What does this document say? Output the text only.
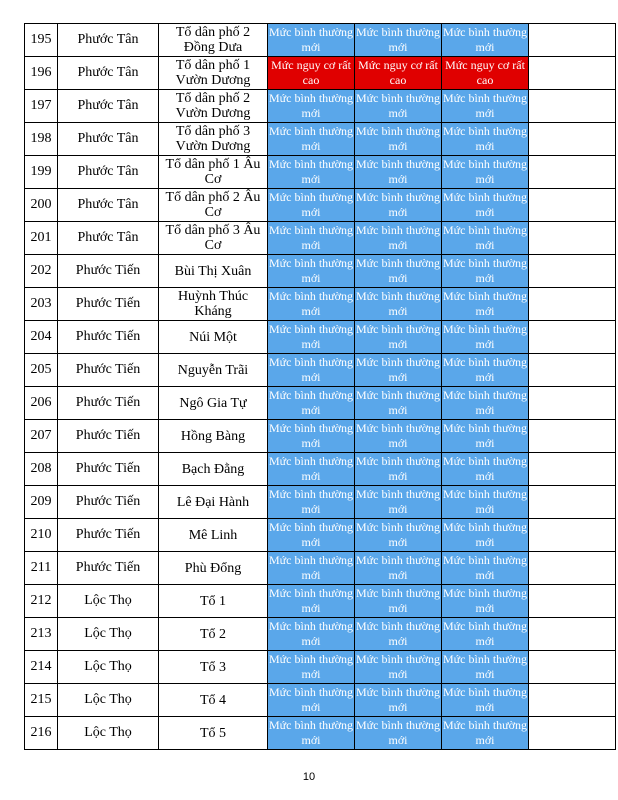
195	Phước Tân	Tổ dân phố 2 Đồng Dưa	Mức bình thường mới	Mức bình thường mới	Mức bình thường mới	
196	Phước Tân	Tổ dân phố 1 Vườn Dương	Mức nguy cơ rất cao	Mức nguy cơ rất cao	Mức nguy cơ rất cao	
197	Phước Tân	Tổ dân phố 2 Vườn Dương	Mức bình thường mới	Mức bình thường mới	Mức bình thường mới	
198	Phước Tân	Tổ dân phố 3 Vườn Dương	Mức bình thường mới	Mức bình thường mới	Mức bình thường mới	
199	Phước Tân	Tổ dân phố 1 Âu Cơ	Mức bình thường mới	Mức bình thường mới	Mức bình thường mới	
200	Phước Tân	Tổ dân phố 2 Âu Cơ	Mức bình thường mới	Mức bình thường mới	Mức bình thường mới	
201	Phước Tân	Tổ dân phố 3 Âu Cơ	Mức bình thường mới	Mức bình thường mới	Mức bình thường mới	
202	Phước Tiến	Bùi Thị Xuân	Mức bình thường mới	Mức bình thường mới	Mức bình thường mới	
203	Phước Tiến	Huỳnh Thúc Kháng	Mức bình thường mới	Mức bình thường mới	Mức bình thường mới	
204	Phước Tiến	Núi Một	Mức bình thường mới	Mức bình thường mới	Mức bình thường mới	
205	Phước Tiến	Nguyễn Trãi	Mức bình thường mới	Mức bình thường mới	Mức bình thường mới	
206	Phước Tiến	Ngô Gia Tự	Mức bình thường mới	Mức bình thường mới	Mức bình thường mới	
207	Phước Tiến	Hồng Bàng	Mức bình thường mới	Mức bình thường mới	Mức bình thường mới	
208	Phước Tiến	Bạch Đằng	Mức bình thường mới	Mức bình thường mới	Mức bình thường mới	
209	Phước Tiến	Lê Đại Hành	Mức bình thường mới	Mức bình thường mới	Mức bình thường mới	
210	Phước Tiến	Mê Linh	Mức bình thường mới	Mức bình thường mới	Mức bình thường mới	
211	Phước Tiến	Phù Đổng	Mức bình thường mới	Mức bình thường mới	Mức bình thường mới	
212	Lộc Thọ	Tổ 1	Mức bình thường mới	Mức bình thường mới	Mức bình thường mới	
213	Lộc Thọ	Tổ 2	Mức bình thường mới	Mức bình thường mới	Mức bình thường mới	
214	Lộc Thọ	Tổ 3	Mức bình thường mới	Mức bình thường mới	Mức bình thường mới	
215	Lộc Thọ	Tổ 4	Mức bình thường mới	Mức bình thường mới	Mức bình thường mới	
216	Lộc Thọ	Tổ 5	Mức bình thường mới	Mức bình thường mới	Mức bình thường mới	
10
